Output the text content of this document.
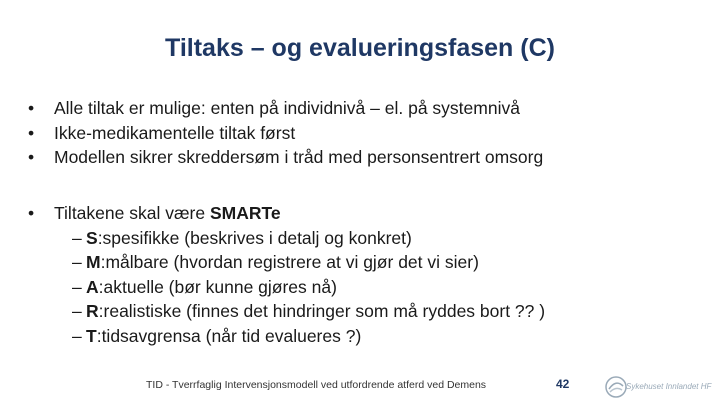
Tiltaks – og evalueringsfasen (C)
• Alle tiltak er mulige: enten på individnivå – el. på systemnivå
• Ikke-medikamentelle tiltak først
• Modellen sikrer skreddersøm i tråd med personsentrert omsorg
• Tiltakene skal være SMARTe
– S:spesifikke (beskrives i detalj og konkret)
– M:målbare (hvordan registrere at vi gjør det vi sier)
– A:aktuelle (bør kunne gjøres nå)
– R:realistiske (finnes det hindringer som må ryddes bort ?? )
– T:tidsavgrensa (når tid evalueres ?)
TID - Tverrfaglig Intervensjonsmodell ved utfordrende atferd ved Demens	42	Sykehuset Innlandet HF
